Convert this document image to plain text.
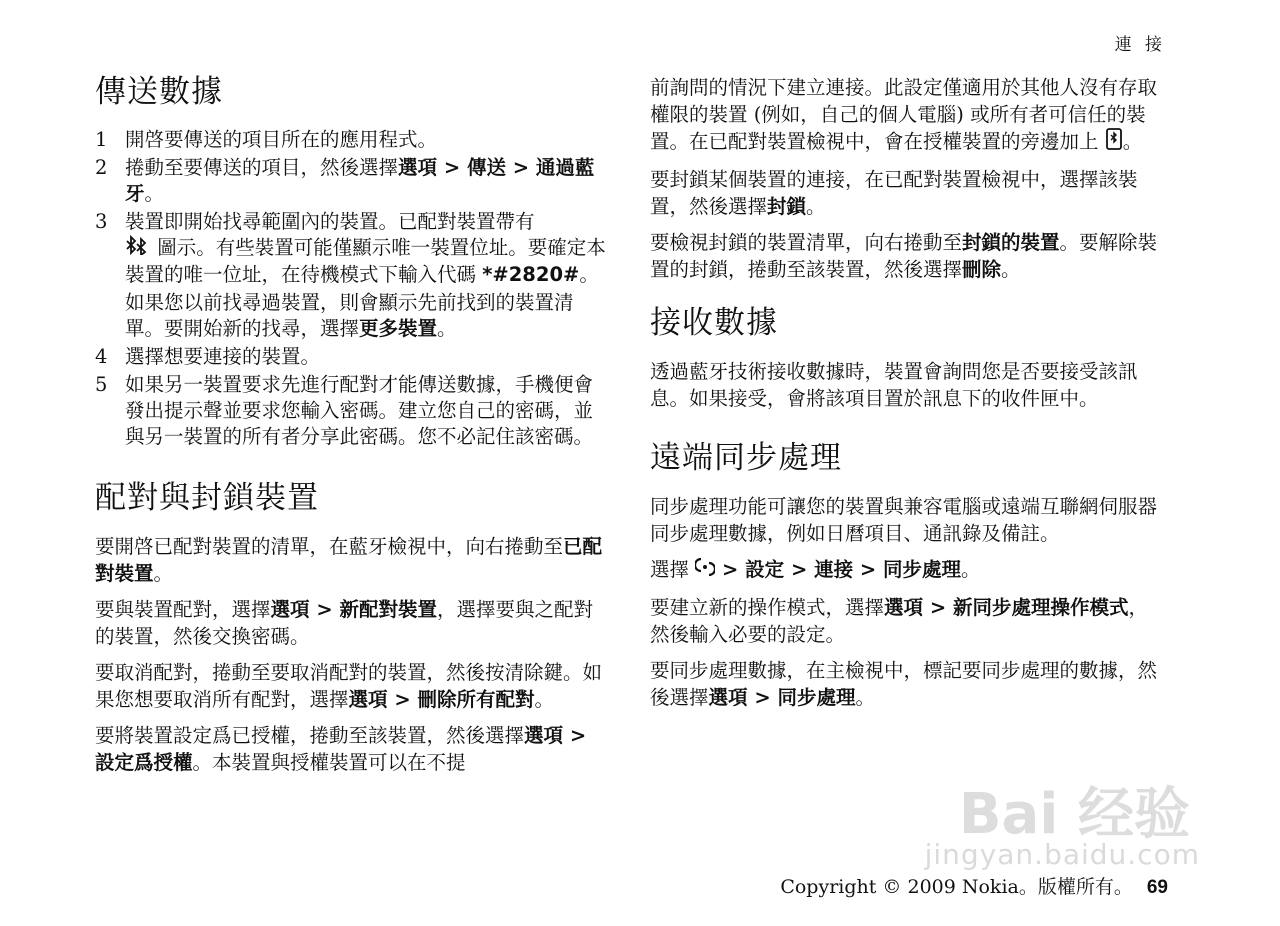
連 接
傳送數據
1 開啓要傳送的項目所在的應用程式。
2 捲動至要傳送的項目，然後選擇選項 > 傳送 > 通過藍牙。
3 裝置即開始找尋範圍內的裝置。已配對裝置帶有
圖示。有些裝置可能僅顯示唯一裝置位址。要確定本裝置的唯一位址，在待機模式下輸入代碼 *#2820#。

如果您以前找尋過裝置，則會顯示先前找到的裝置清單。要開始新的找尋，選擇更多裝置。

4 選擇想要連接的裝置。
5 如果另一裝置要求先進行配對才能傳送數據，手機便會發出提示聲並要求您輸入密碼。建立您自己的密碼，並與另一裝置的所有者分享此密碼。您不必記住該密碼。
配對與封鎖裝置

要開啓已配對裝置的清單，在藍牙檢視中，向右捲動至已配對裝置。

要與裝置配對，選擇選項 > 新配對裝置，選擇要與之配對的裝置，然後交換密碼。

要取消配對，捲動至要取消配對的裝置，然後按清除鍵。如果您想要取消所有配對，選擇選項 > 刪除所有配對。

要將裝置設定爲已授權，捲動至該裝置，然後選擇選項 > 設定爲授權。本裝置與授權裝置可以在不提

前詢問的情況下建立連接。此設定僅適用於其他人沒有存取權限的裝置 (例如，自己的個人電腦) 或所有者可信任的裝置。在已配對裝置檢視中，會在授權裝置的旁邊加上 。

要封鎖某個裝置的連接，在已配對裝置檢視中，選擇該裝置，然後選擇封鎖。

要檢視封鎖的裝置清單，向右捲動至封鎖的裝置。要解除裝置的封鎖，捲動至該裝置，然後選擇刪除。

接收數據

透過藍牙技術接收數據時，裝置會詢問您是否要接受該訊息。如果接受，會將該項目置於訊息下的收件匣中。

遠端同步處理

同步處理功能可讓您的裝置與兼容電腦或遠端互聯網伺服器同步處理數據，例如日曆項目、通訊錄及備註。

選擇  > 設定 > 連接 > 同步處理。

要建立新的操作模式，選擇選項 > 新同步處理操作模式，然後輸入必要的設定。

要同步處理數據，在主檢視中，標記要同步處理的數據，然後選擇選項 > 同步處理。

Bai 经验
jingyan.baidu.com
Copyright © 2009 Nokia。版權所有。 69
